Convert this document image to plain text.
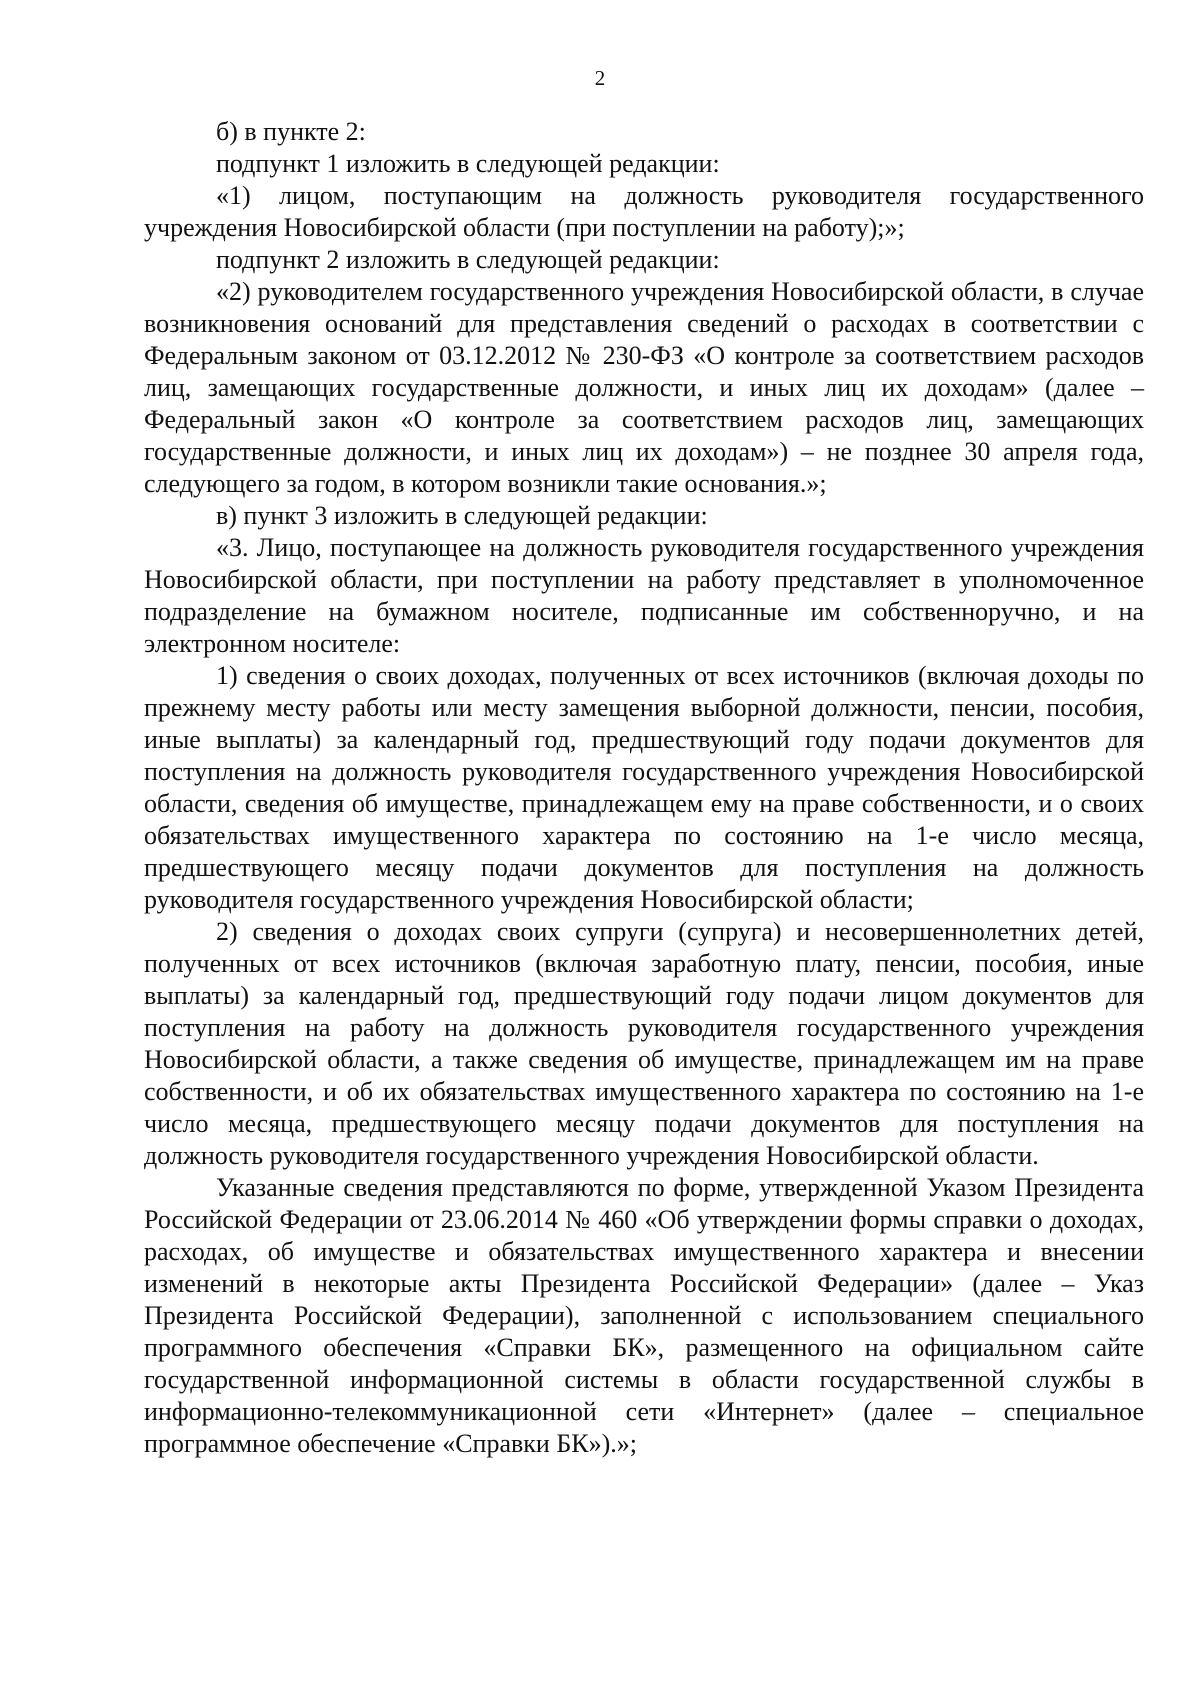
2

б) в пункте 2:

подпункт 1 изложить в следующей редакции:

«1) лицом, поступающим на должность руководителя государственного учреждения Новосибирской области (при поступлении на работу);»;

подпункт 2 изложить в следующей редакции:

«2) руководителем государственного учреждения Новосибирской области, в случае возникновения оснований для представления сведений о расходах в соответствии с Федеральным законом от 03.12.2012 № 230-ФЗ «О контроле за соответствием расходов лиц, замещающих государственные должности, и иных лиц их доходам» (далее – Федеральный закон «О контроле за соответствием расходов лиц, замещающих государственные должности, и иных лиц их доходам») – не позднее 30 апреля года, следующего за годом, в котором возникли такие основания.»;

в) пункт 3 изложить в следующей редакции:

«3. Лицо, поступающее на должность руководителя государственного учреждения Новосибирской области, при поступлении на работу представляет в уполномоченное подразделение на бумажном носителе, подписанные им собственноручно, и на электронном носителе:

1) сведения о своих доходах, полученных от всех источников (включая доходы по прежнему месту работы или месту замещения выборной должности, пенсии, пособия, иные выплаты) за календарный год, предшествующий году подачи документов для поступления на должность руководителя государственного учреждения Новосибирской области, сведения об имуществе, принадлежащем ему на праве собственности, и о своих обязательствах имущественного характера по состоянию на 1-е число месяца, предшествующего месяцу подачи документов для поступления на должность руководителя государственного учреждения Новосибирской области;

2) сведения о доходах своих супруги (супруга) и несовершеннолетних детей, полученных от всех источников (включая заработную плату, пенсии, пособия, иные выплаты) за календарный год, предшествующий году подачи лицом документов для поступления на работу на должность руководителя государственного учреждения Новосибирской области, а также сведения об имуществе, принадлежащем им на праве собственности, и об их обязательствах имущественного характера по состоянию на 1-е число месяца, предшествующего месяцу подачи документов для поступления на должность руководителя государственного учреждения Новосибирской области.

Указанные сведения представляются по форме, утвержденной Указом Президента Российской Федерации от 23.06.2014 № 460 «Об утверждении формы справки о доходах, расходах, об имуществе и обязательствах имущественного характера и внесении изменений в некоторые акты Президента Российской Федерации» (далее – Указ Президента Российской Федерации), заполненной с использованием специального программного обеспечения «Справки БК», размещенного на официальном сайте государственной информационной системы в области государственной службы в информационно-телекоммуникационной сети «Интернет» (далее – специальное программное обеспечение «Справки БК»).»;
